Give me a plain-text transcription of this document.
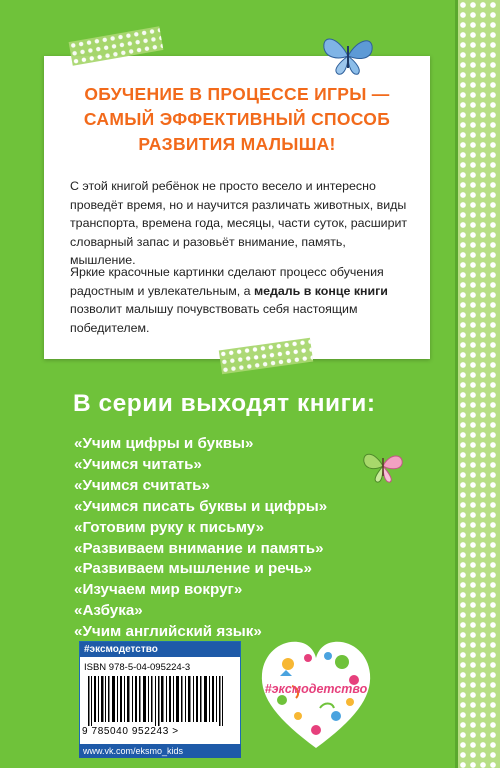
ОБУЧЕНИЕ В ПРОЦЕССЕ ИГРЫ —
САМЫЙ ЭФФЕКТИВНЫЙ СПОСОБ
РАЗВИТИЯ МАЛЫША!

С этой книгой ребёнок не просто весело и интересно проведёт время, но и научится различать животных, виды транспорта, времена года, месяцы, части суток, расширит словарный запас и разовьёт внимание, память, мышление.

Яркие красочные картинки сделают процесс обучения радостным и увлекательным, а медаль в конце книги позволит малышу почувствовать себя настоящим победителем.

В серии выходят книги:
«Учим цифры и буквы»
«Учимся читать»
«Учимся считать»
«Учимся писать буквы и цифры»
«Готовим руку к письму»
«Развиваем внимание и память»
«Развиваем мышление и речь»
«Изучаем мир вокруг»
«Азбука»
«Учим английский язык»
#эксмодетство
ISBN 978-5-04-095224-3
9 785040 952243 >
www.vk.com/eksmo_kids
#эксмодетство
